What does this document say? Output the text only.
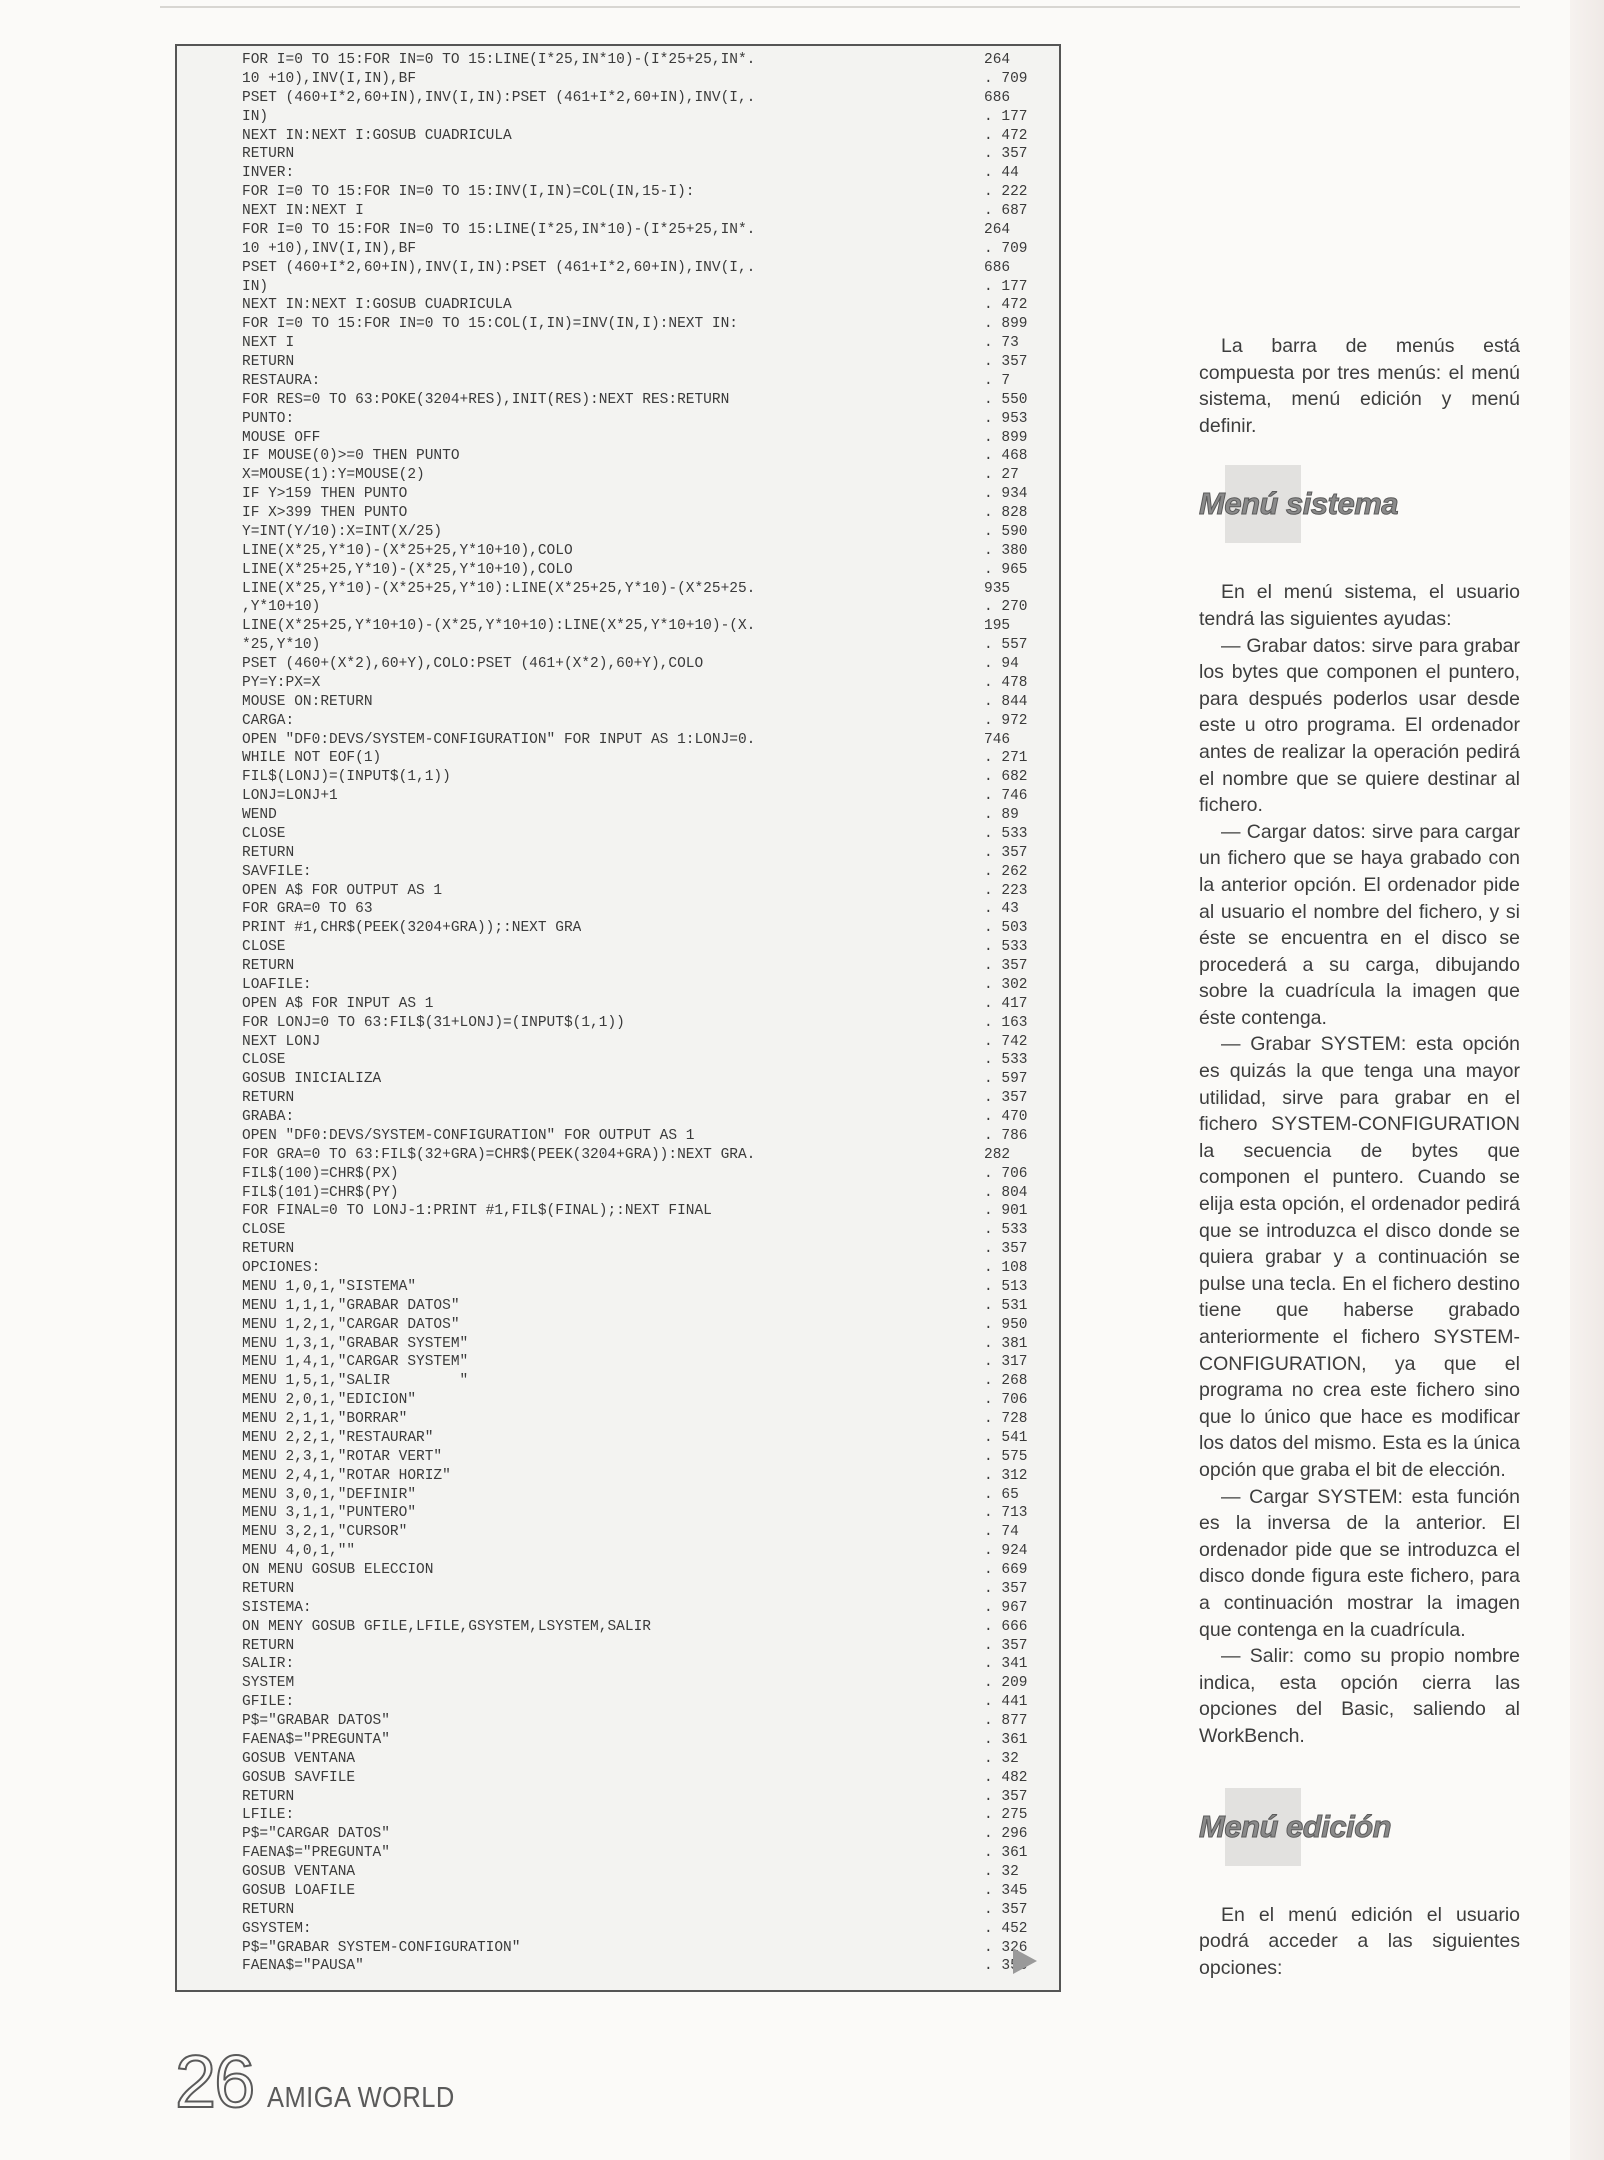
FOR I=0 TO 15:FOR IN=0 TO 15:LINE(I*25,IN*10)-(I*25+25,IN*.	264
10 +10),INV(I,IN),BF	. 709
PSET (460+I*2,60+IN),INV(I,IN):PSET (461+I*2,60+IN),INV(I,.	686
IN)	. 177
NEXT IN:NEXT I:GOSUB CUADRICULA	. 472
RETURN	. 357
INVER:	. 44
FOR I=0 TO 15:FOR IN=0 TO 15:INV(I,IN)=COL(IN,15-I):	. 222
NEXT IN:NEXT I	. 687
FOR I=0 TO 15:FOR IN=0 TO 15:LINE(I*25,IN*10)-(I*25+25,IN*.	264
10 +10),INV(I,IN),BF	. 709
PSET (460+I*2,60+IN),INV(I,IN):PSET (461+I*2,60+IN),INV(I,.	686
IN)	. 177
NEXT IN:NEXT I:GOSUB CUADRICULA	. 472
FOR I=0 TO 15:FOR IN=0 TO 15:COL(I,IN)=INV(IN,I):NEXT IN:	. 899
NEXT I	. 73
RETURN	. 357
RESTAURA:	. 7
FOR RES=0 TO 63:POKE(3204+RES),INIT(RES):NEXT RES:RETURN	. 550
PUNTO:	. 953
MOUSE OFF	. 899
IF MOUSE(0)>=0 THEN PUNTO	. 468
X=MOUSE(1):Y=MOUSE(2)	. 27
IF Y>159 THEN PUNTO	. 934
IF X>399 THEN PUNTO	. 828
Y=INT(Y/10):X=INT(X/25)	. 590
LINE(X*25,Y*10)-(X*25+25,Y*10+10),COLO	. 380
LINE(X*25+25,Y*10)-(X*25,Y*10+10),COLO	. 965
LINE(X*25,Y*10)-(X*25+25,Y*10):LINE(X*25+25,Y*10)-(X*25+25.	935
,Y*10+10)	. 270
LINE(X*25+25,Y*10+10)-(X*25,Y*10+10):LINE(X*25,Y*10+10)-(X.	195
*25,Y*10)	. 557
PSET (460+(X*2),60+Y),COLO:PSET (461+(X*2),60+Y),COLO	. 94
PY=Y:PX=X	. 478
MOUSE ON:RETURN	. 844
CARGA:	. 972
OPEN "DF0:DEVS/SYSTEM-CONFIGURATION" FOR INPUT AS 1:LONJ=0.	746
WHILE NOT EOF(1)	. 271
FIL$(LONJ)=(INPUT$(1,1))	. 682
LONJ=LONJ+1	. 746
WEND	. 89
CLOSE	. 533
RETURN	. 357
SAVFILE:	. 262
OPEN A$ FOR OUTPUT AS 1	. 223
FOR GRA=0 TO 63	. 43
PRINT #1,CHR$(PEEK(3204+GRA));:NEXT GRA	. 503
CLOSE	. 533
RETURN	. 357
LOAFILE:	. 302
OPEN A$ FOR INPUT AS 1	. 417
FOR LONJ=0 TO 63:FIL$(31+LONJ)=(INPUT$(1,1))	. 163
NEXT LONJ	. 742
CLOSE	. 533
GOSUB INICIALIZA	. 597
RETURN	. 357
GRABA:	. 470
OPEN "DF0:DEVS/SYSTEM-CONFIGURATION" FOR OUTPUT AS 1	. 786
FOR GRA=0 TO 63:FIL$(32+GRA)=CHR$(PEEK(3204+GRA)):NEXT GRA.	282
FIL$(100)=CHR$(PX)	. 706
FIL$(101)=CHR$(PY)	. 804
FOR FINAL=0 TO LONJ-1:PRINT #1,FIL$(FINAL);:NEXT FINAL	. 901
CLOSE	. 533
RETURN	. 357
OPCIONES:	. 108
MENU 1,0,1,"SISTEMA"	. 513
MENU 1,1,1,"GRABAR DATOS"	. 531
MENU 1,2,1,"CARGAR DATOS"	. 950
MENU 1,3,1,"GRABAR SYSTEM"	. 381
MENU 1,4,1,"CARGAR SYSTEM"	. 317
MENU 1,5,1,"SALIR        "	. 268
MENU 2,0,1,"EDICION"	. 706
MENU 2,1,1,"BORRAR"	. 728
MENU 2,2,1,"RESTAURAR"	. 541
MENU 2,3,1,"ROTAR VERT"	. 575
MENU 2,4,1,"ROTAR HORIZ"	. 312
MENU 3,0,1,"DEFINIR"	. 65
MENU 3,1,1,"PUNTERO"	. 713
MENU 3,2,1,"CURSOR"	. 74
MENU 4,0,1,""	. 924
ON MENU GOSUB ELECCION	. 669
RETURN	. 357
SISTEMA:	. 967
ON MENY GOSUB GFILE,LFILE,GSYSTEM,LSYSTEM,SALIR	. 666
RETURN	. 357
SALIR:	. 341
SYSTEM	. 209
GFILE:	. 441
P$="GRABAR DATOS"	. 877
FAENA$="PREGUNTA"	. 361
GOSUB VENTANA	. 32
GOSUB SAVFILE	. 482
RETURN	. 357
LFILE:	. 275
P$="CARGAR DATOS"	. 296
FAENA$="PREGUNTA"	. 361
GOSUB VENTANA	. 32
GOSUB LOAFILE	. 345
RETURN	. 357
GSYSTEM:	. 452
P$="GRABAR SYSTEM-CONFIGURATION"	. 326
FAENA$="PAUSA"	. 356

La barra de menús está compuesta por tres menús: el menú sistema, menú edición y menú definir.

Menú sistema

En el menú sistema, el usuario tendrá las siguientes ayudas:

— Grabar datos: sirve para grabar los bytes que componen el puntero, para después poderlos usar desde este u otro programa. El ordenador antes de realizar la operación pedirá el nombre que se quiere destinar al fichero.

— Cargar datos: sirve para cargar un fichero que se haya grabado con la anterior opción. El ordenador pide al usuario el nombre del fichero, y si éste se encuentra en el disco se procederá a su carga, dibujando sobre la cuadrícula la imagen que éste contenga.

— Grabar SYSTEM: esta opción es quizás la que tenga una mayor utilidad, sirve para grabar en el fichero SYSTEM-CONFIGURATION la secuencia de bytes que componen el puntero. Cuando se elija esta opción, el ordenador pedirá que se introduzca el disco donde se quiera grabar y a continuación se pulse una tecla. En el fichero destino tiene que haberse grabado anteriormente el fichero SYSTEM-CONFIGURATION, ya que el programa no crea este fichero sino que lo único que hace es modificar los datos del mismo. Esta es la única opción que graba el bit de elección.

— Cargar SYSTEM: esta función es la inversa de la anterior. El ordenador pide que se introduzca el disco donde figura este fichero, para a continuación mostrar la imagen que contenga en la cuadrícula.

— Salir: como su propio nombre indica, esta opción cierra las opciones del Basic, saliendo al WorkBench.

Menú edición

En el menú edición el usuario podrá acceder a las siguientes opciones:

26 AMIGA WORLD
